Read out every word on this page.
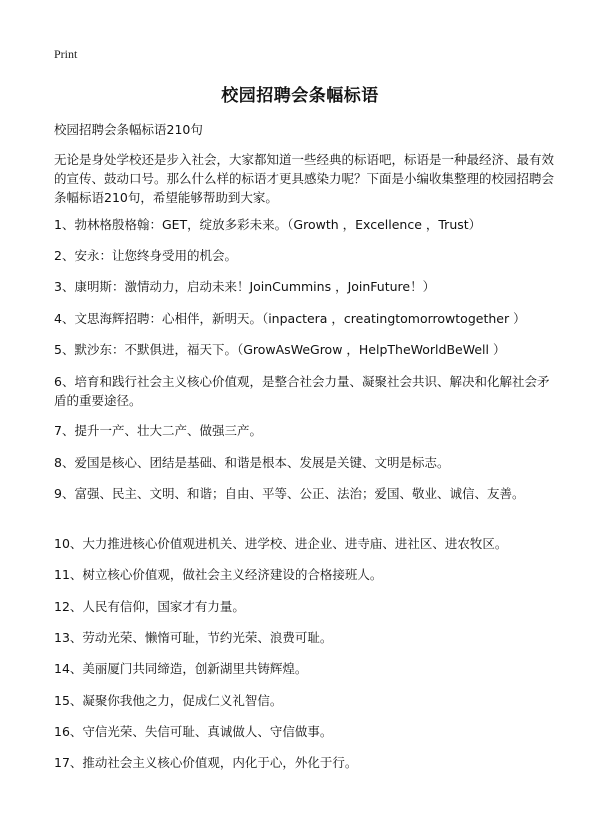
Print
校园招聘会条幅标语

校园招聘会条幅标语210句

无论是身处学校还是步入社会，大家都知道一些经典的标语吧，标语是一种最经济、最有效的宣传、鼓动口号。那么什么样的标语才更具感染力呢？下面是小编收集整理的校园招聘会条幅标语210句，希望能够帮助到大家。

1、勃林格殷格翰：GET，绽放多彩未来。（Growth ，Excellence ，Trust）
2、安永：让您终身受用的机会。
3、康明斯：激情动力，启动未来！JoinCummins ，JoinFuture！）
4、文思海辉招聘：心相伴，新明天。（inpactera ，creatingtomorrowtogether ）
5、默沙东：不默俱进，福天下。（GrowAsWeGrow ，HelpTheWorldBeWell ）
6、培育和践行社会主义核心价值观，是整合社会力量、凝聚社会共识、解决和化解社会矛盾的重要途径。
7、提升一产、壮大二产、做强三产。
8、爱国是核心、团结是基础、和谐是根本、发展是关键、文明是标志。
9、富强、民主、文明、和谐；自由、平等、公正、法治；爱国、敬业、诚信、友善。
10、大力推进核心价值观进机关、进学校、进企业、进寺庙、进社区、进农牧区。
11、树立核心价值观，做社会主义经济建设的合格接班人。
12、人民有信仰，国家才有力量。
13、劳动光荣、懒惰可耻，节约光荣、浪费可耻。
14、美丽厦门共同缔造，创新湖里共铸辉煌。
15、凝聚你我他之力，促成仁义礼智信。
16、守信光荣、失信可耻、真诚做人、守信做事。
17、推动社会主义核心价值观，内化于心，外化于行。
